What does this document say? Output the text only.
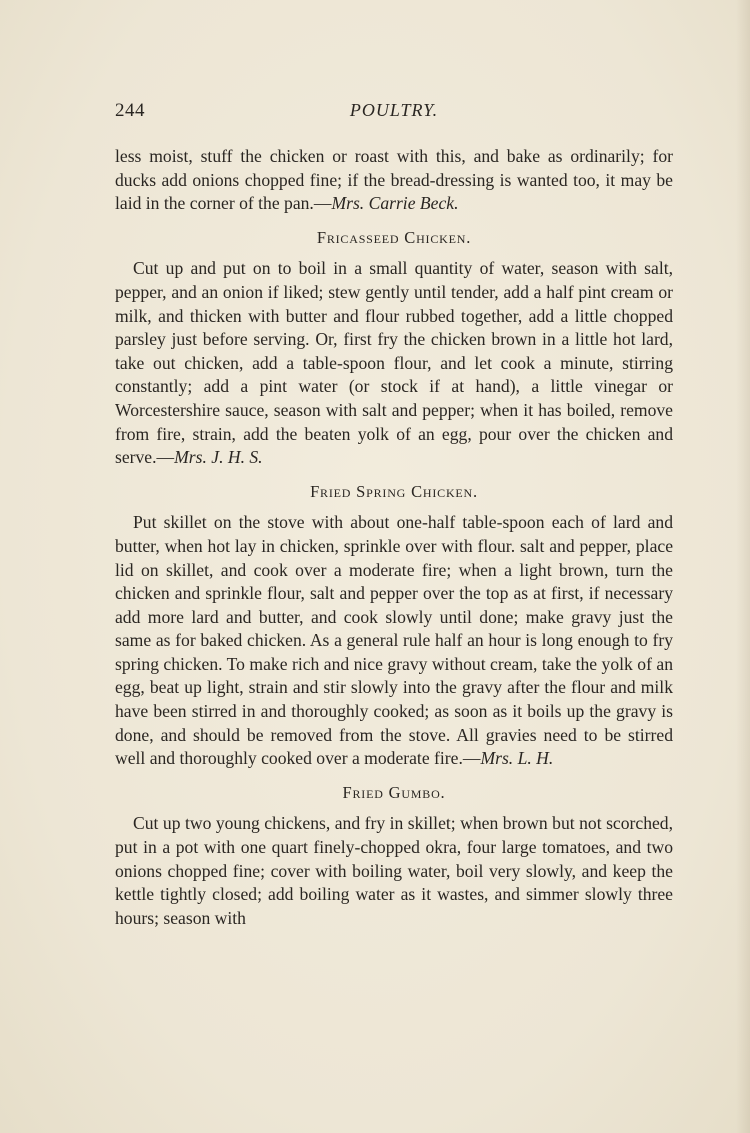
244	POULTRY.

less moist, stuff the chicken or roast with this, and bake as ordinarily; for ducks add onions chopped fine; if the bread-dressing is wanted too, it may be laid in the corner of the pan.—Mrs. Carrie Beck.

Fricasseed Chicken.

Cut up and put on to boil in a small quantity of water, season with salt, pepper, and an onion if liked; stew gently until tender, add a half pint cream or milk, and thicken with butter and flour rubbed together, add a little chopped parsley just before serving. Or, first fry the chicken brown in a little hot lard, take out chicken, add a table-spoon flour, and let cook a minute, stirring constantly; add a pint water (or stock if at hand), a little vinegar or Worcestershire sauce, season with salt and pepper; when it has boiled, remove from fire, strain, add the beaten yolk of an egg, pour over the chicken and serve.—Mrs. J. H. S.

Fried Spring Chicken.

Put skillet on the stove with about one-half table-spoon each of lard and butter, when hot lay in chicken, sprinkle over with flour. salt and pepper, place lid on skillet, and cook over a moderate fire; when a light brown, turn the chicken and sprinkle flour, salt and pepper over the top as at first, if necessary add more lard and butter, and cook slowly until done; make gravy just the same as for baked chicken. As a general rule half an hour is long enough to fry spring chicken. To make rich and nice gravy without cream, take the yolk of an egg, beat up light, strain and stir slowly into the gravy after the flour and milk have been stirred in and thoroughly cooked; as soon as it boils up the gravy is done, and should be removed from the stove. All gravies need to be stirred well and thoroughly cooked over a moderate fire.—Mrs. L. H.

Fried Gumbo.

Cut up two young chickens, and fry in skillet; when brown but not scorched, put in a pot with one quart finely-chopped okra, four large tomatoes, and two onions chopped fine; cover with boiling water, boil very slowly, and keep the kettle tightly closed; add boiling water as it wastes, and simmer slowly three hours; season with
